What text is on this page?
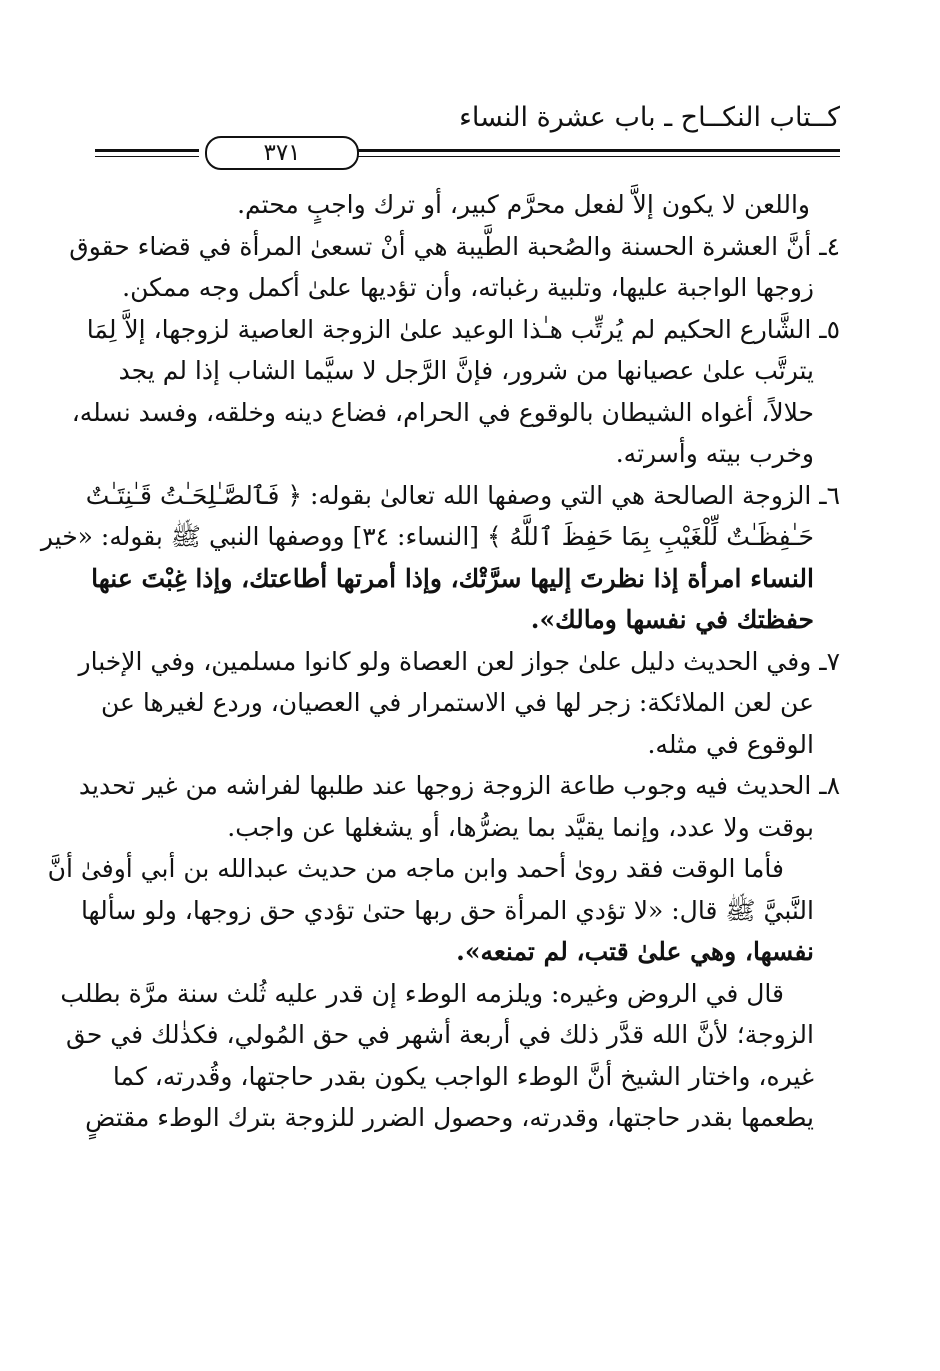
كــتاب النكــاح ـ باب عشرة النساء
٣٧١
واللعن لا يكون إلاَّ لفعل محرَّم كبير، أو ترك واجبٍ محتم.
٤ـ أنَّ العشرة الحسنة والصُحبة الطَّيبة هي أنْ تسعىٰ المرأة في قضاء حقوق
زوجها الواجبة عليها، وتلبية رغباته، وأن تؤديها علىٰ أكمل وجه ممكن.
٥ـ الشَّارع الحكيم لم يُرتِّب هـٰذا الوعيد علىٰ الزوجة العاصية لزوجها، إلاَّ لِمَا
يترتَّب علىٰ عصيانها من شرور، فإنَّ الرَّجل لا سيَّما الشاب إذا لم يجد
حلالاً، أغواه الشيطان بالوقوع في الحرام، فضاع دينه وخلقه، وفسد نسله،
وخرب بيته وأسرته.
٦ـ الزوجة الصالحة هي التي وصفها الله تعالىٰ بقوله: ﴿ فَٱلصَّـٰلِحَـٰتُ قَـٰنِتَـٰتٌ
حَـٰفِظَـٰتٌ لِّلْغَيْبِ بِمَا حَفِظَ ٱللَّهُ ﴾ [النساء: ٣٤] ووصفها النبي ﷺ بقوله: «خير
النساء امرأة إذا نظرتَ إليها سرَّتْك، وإذا أمرتها أطاعتك، وإذا غِبْتَ عنها
حفظتك في نفسها ومالك».
٧ـ وفي الحديث دليل علىٰ جواز لعن العصاة ولو كانوا مسلمين، وفي الإخبار
عن لعن الملائكة: زجر لها في الاستمرار في العصيان، وردع لغيرها عن
الوقوع في مثله.
٨ـ الحديث فيه وجوب طاعة الزوجة زوجها عند طلبها لفراشه من غير تحديد
بوقت ولا عدد، وإنما يقيَّد بما يضرُّها، أو يشغلها عن واجب.
فأما الوقت فقد روىٰ أحمد وابن ماجه من حديث عبدالله بن أبي أوفىٰ أنَّ
النَّبيَّ ﷺ قال: «لا تؤدي المرأة حق ربها حتىٰ تؤدي حق زوجها، ولو سألها
نفسها، وهي علىٰ قتب، لم تمنعه».
قال في الروض وغيره: ويلزمه الوطء إن قدر عليه ثُلث سنة مرَّة بطلب
الزوجة؛ لأنَّ الله قدَّر ذلك في أربعة أشهر في حق المُولي، فكذٰلك في حق
غيره، واختار الشيخ أنَّ الوطء الواجب يكون بقدر حاجتها، وقُدرته، كما
يطعمها بقدر حاجتها، وقدرته، وحصول الضرر للزوجة بترك الوطء مقتضٍ
